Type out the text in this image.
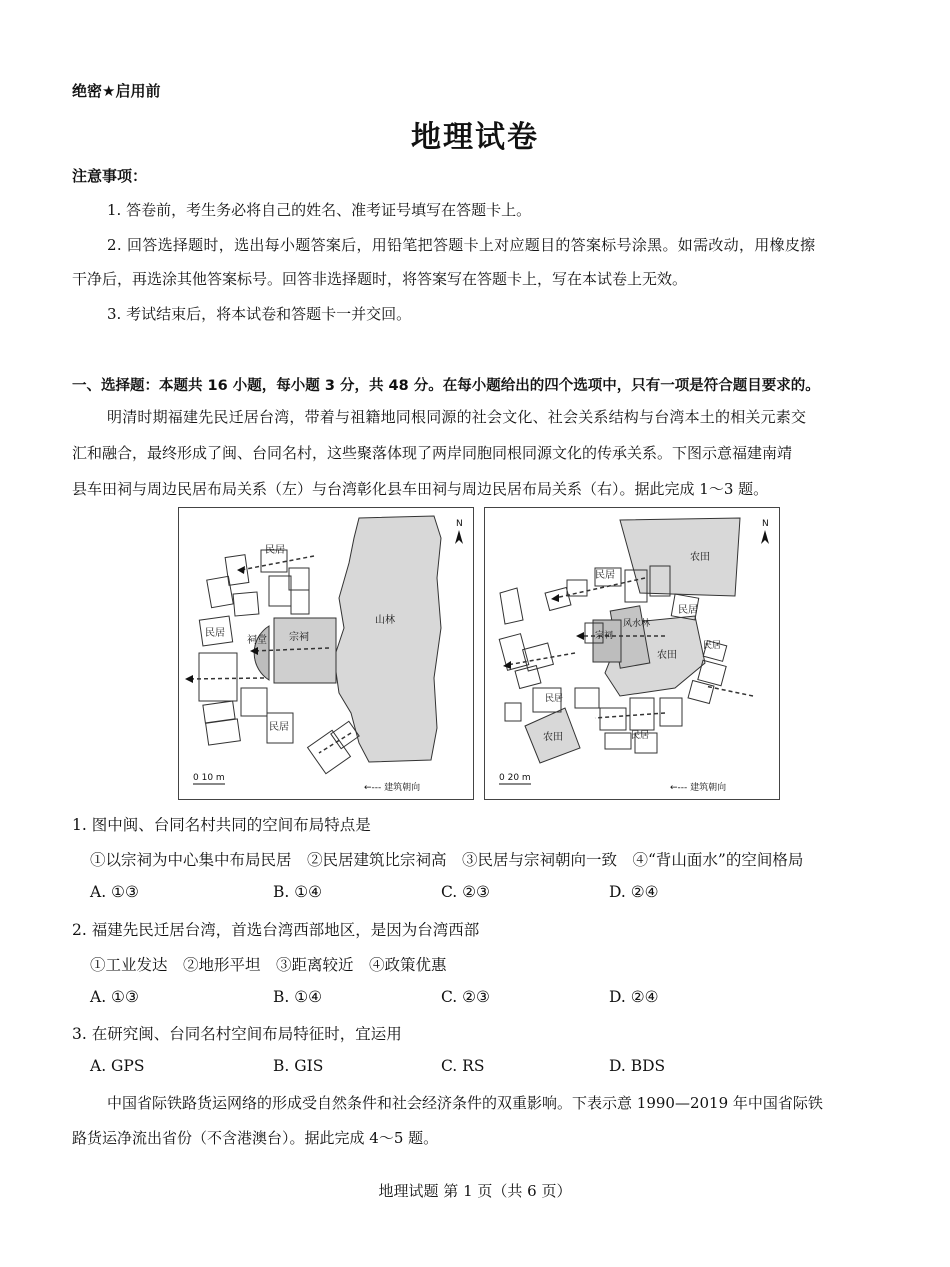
绝密★启用前
地理试卷
注意事项：
1. 答卷前，考生务必将自己的姓名、准考证号填写在答题卡上。
2. 回答选择题时，选出每小题答案后，用铅笔把答题卡上对应题目的答案标号涂黑。如需改动，用橡皮擦
干净后，再选涂其他答案标号。回答非选择题时，将答案写在答题卡上，写在本试卷上无效。
3. 考试结束后，将本试卷和答题卡一并交回。
一、选择题：本题共 16 小题，每小题 3 分，共 48 分。在每小题给出的四个选项中，只有一项是符合题目要求的。
明清时期福建先民迁居台湾，带着与祖籍地同根同源的社会文化、社会关系结构与台湾本土的相关元素交
汇和融合，最终形成了闽、台同名村，这些聚落体现了两岸同胞同根同源文化的传承关系。下图示意福建南靖
县车田祠与周边民居布局关系（左）与台湾彰化县车田祠与周边民居布局关系（右）。据此完成 1～3 题。
民居
民居
祠堂 宗祠
山林
民居
N
0 10 m
←--- 建筑朝向
农田
民居
民居
宗祠
风水林
农田
民居
民居
农田	民居
N
0 20 m
←--- 建筑朝向
1. 图中闽、台同名村共同的空间布局特点是
①以宗祠为中心集中布局民居　②民居建筑比宗祠高　③民居与宗祠朝向一致　④“背山面水”的空间格局
A. ①③	B. ①④	C. ②③	D. ②④
2. 福建先民迁居台湾，首选台湾西部地区，是因为台湾西部
①工业发达　②地形平坦　③距离较近　④政策优惠
A. ①③	B. ①④	C. ②③	D. ②④
3. 在研究闽、台同名村空间布局特征时，宜运用
A. GPS	B. GIS	C. RS	D. BDS
中国省际铁路货运网络的形成受自然条件和社会经济条件的双重影响。下表示意 1990—2019 年中国省际铁
路货运净流出省份（不含港澳台）。据此完成 4～5 题。
地理试题 第 1 页（共 6 页）
